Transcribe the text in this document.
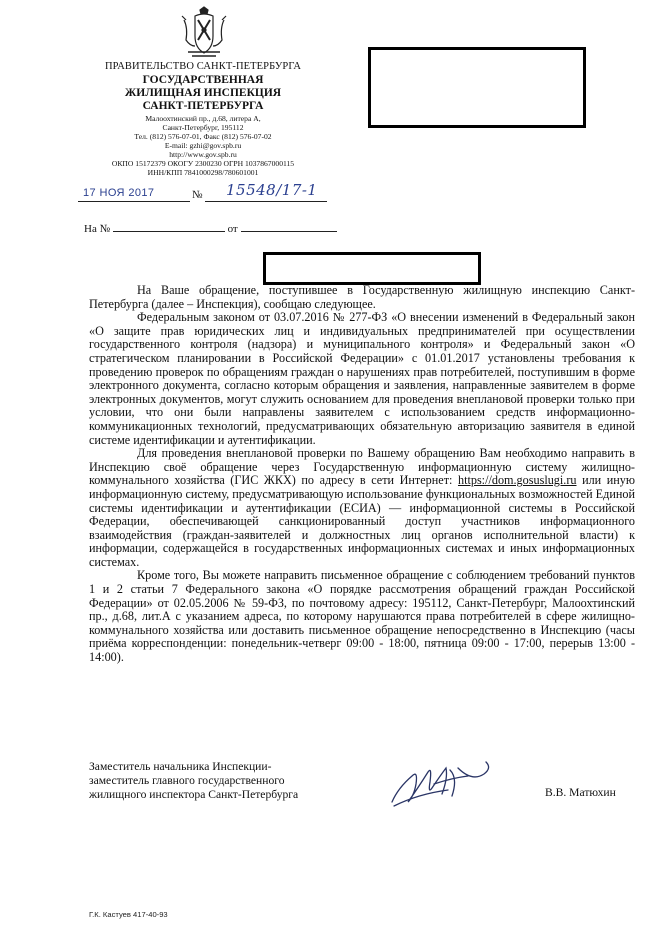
ПРАВИТЕЛЬСТВО САНКТ-ПЕТЕРБУРГА
ГОСУДАРСТВЕННАЯ
ЖИЛИЩНАЯ ИНСПЕКЦИЯ
САНКТ-ПЕТЕРБУРГА
Малоохтинский пр., д.68, литера А,
Санкт-Петербург, 195112
Тел. (812) 576-07-01, Факс (812) 576-07-02
E-mail: gzhi@gov.spb.ru
http://www.gov.spb.ru
ОКПО 15172379 ОКОГУ 2300230 ОГРН 1037867000115
ИНН/КПП 7841000298/780601001
17 НОЯ 2017	№ 15548/17-1
На №	от

На Ваше обращение, поступившее в Государственную жилищную инспекцию Санкт-Петербурга (далее – Инспекция), сообщаю следующее.

Федеральным законом от 03.07.2016 № 277-ФЗ «О внесении изменений в Федеральный закон «О защите прав юридических лиц и индивидуальных предпринимателей при осуществлении государственного контроля (надзора) и муниципального контроля» и Федеральный закон «О стратегическом планировании в Российской Федерации» с 01.01.2017 установлены требования к проведению проверок по обращениям граждан о нарушениях прав потребителей, поступившим в форме электронного документа, согласно которым обращения и заявления, направленные заявителем в форме электронных документов, могут служить основанием для проведения внеплановой проверки только при условии, что они были направлены заявителем с использованием средств информационно-коммуникационных технологий, предусматривающих обязательную авторизацию заявителя в единой системе идентификации и аутентификации.

Для проведения внеплановой проверки по Вашему обращению Вам необходимо направить в Инспекцию своё обращение через Государственную информационную систему жилищно-коммунального хозяйства (ГИС ЖКХ) по адресу в сети Интернет: https://dom.gosuslugi.ru или иную информационную систему, предусматривающую использование функциональных возможностей Единой системы идентификации и аутентификации (ЕСИА) — информационной системы в Российской Федерации, обеспечивающей санкционированный доступ участников информационного взаимодействия (граждан-заявителей и должностных лиц органов исполнительной власти) к информации, содержащейся в государственных информационных системах и иных информационных системах.

Кроме того, Вы можете направить письменное обращение с соблюдением требований пунктов 1 и 2 статьи 7 Федерального закона «О порядке рассмотрения обращений граждан Российской Федерации» от 02.05.2006 № 59-ФЗ, по почтовому адресу: 195112, Санкт-Петербург, Малоохтинский пр., д.68, лит.А с указанием адреса, по которому нарушаются права потребителей в сфере жилищно-коммунального хозяйства или доставить письменное обращение непосредственно в Инспекцию (часы приёма корреспонденции: понедельник-четверг 09:00 - 18:00, пятница 09:00 - 17:00, перерыв 13:00 - 14:00).

Заместитель начальника Инспекции-
заместитель главного государственного
жилищного инспектора Санкт-Петербурга	В.В. Матюхин
Г.К. Кастуев 417-40-93
